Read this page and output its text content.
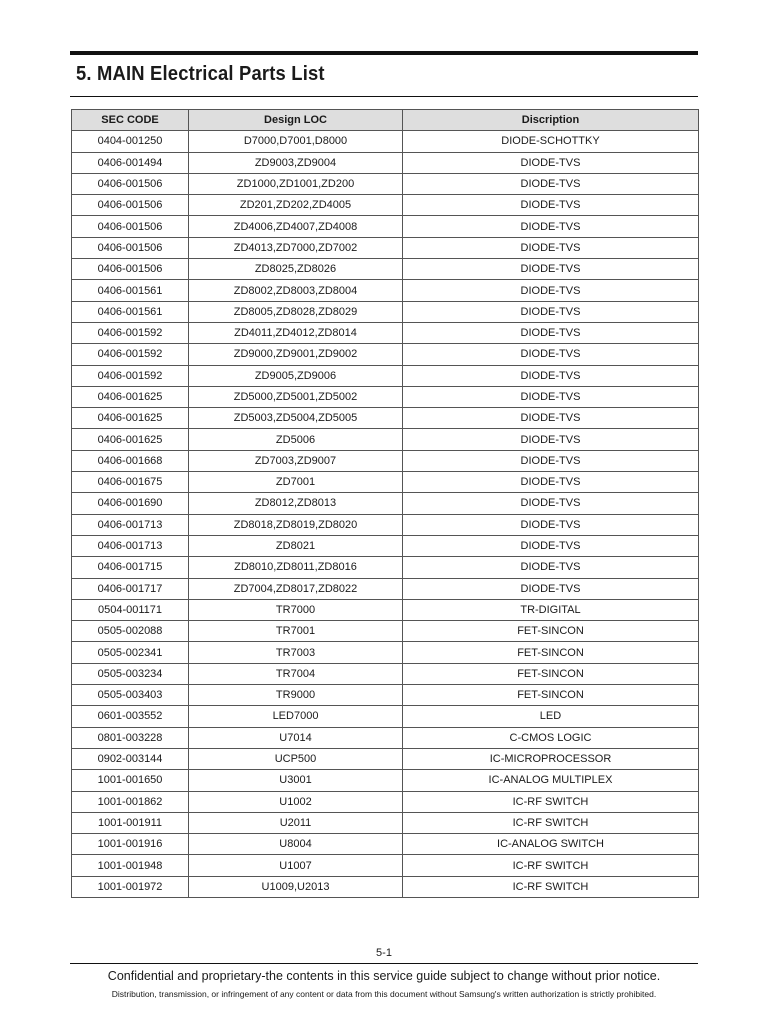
5. MAIN Electrical Parts List
SEC CODE	Design LOC	Discription
0404-001250	D7000,D7001,D8000	DIODE-SCHOTTKY
0406-001494	ZD9003,ZD9004	DIODE-TVS
0406-001506	ZD1000,ZD1001,ZD200	DIODE-TVS
0406-001506	ZD201,ZD202,ZD4005	DIODE-TVS
0406-001506	ZD4006,ZD4007,ZD4008	DIODE-TVS
0406-001506	ZD4013,ZD7000,ZD7002	DIODE-TVS
0406-001506	ZD8025,ZD8026	DIODE-TVS
0406-001561	ZD8002,ZD8003,ZD8004	DIODE-TVS
0406-001561	ZD8005,ZD8028,ZD8029	DIODE-TVS
0406-001592	ZD4011,ZD4012,ZD8014	DIODE-TVS
0406-001592	ZD9000,ZD9001,ZD9002	DIODE-TVS
0406-001592	ZD9005,ZD9006	DIODE-TVS
0406-001625	ZD5000,ZD5001,ZD5002	DIODE-TVS
0406-001625	ZD5003,ZD5004,ZD5005	DIODE-TVS
0406-001625	ZD5006	DIODE-TVS
0406-001668	ZD7003,ZD9007	DIODE-TVS
0406-001675	ZD7001	DIODE-TVS
0406-001690	ZD8012,ZD8013	DIODE-TVS
0406-001713	ZD8018,ZD8019,ZD8020	DIODE-TVS
0406-001713	ZD8021	DIODE-TVS
0406-001715	ZD8010,ZD8011,ZD8016	DIODE-TVS
0406-001717	ZD7004,ZD8017,ZD8022	DIODE-TVS
0504-001171	TR7000	TR-DIGITAL
0505-002088	TR7001	FET-SINCON
0505-002341	TR7003	FET-SINCON
0505-003234	TR7004	FET-SINCON
0505-003403	TR9000	FET-SINCON
0601-003552	LED7000	LED
0801-003228	U7014	C-CMOS LOGIC
0902-003144	UCP500	IC-MICROPROCESSOR
1001-001650	U3001	IC-ANALOG MULTIPLEX
1001-001862	U1002	IC-RF SWITCH
1001-001911	U2011	IC-RF SWITCH
1001-001916	U8004	IC-ANALOG SWITCH
1001-001948	U1007	IC-RF SWITCH
1001-001972	U1009,U2013	IC-RF SWITCH
5-1
Confidential and proprietary-the contents in this service guide subject to change without prior notice.
Distribution, transmission, or infringement of any content or data from this document without Samsung's written authorization is strictly prohibited.
